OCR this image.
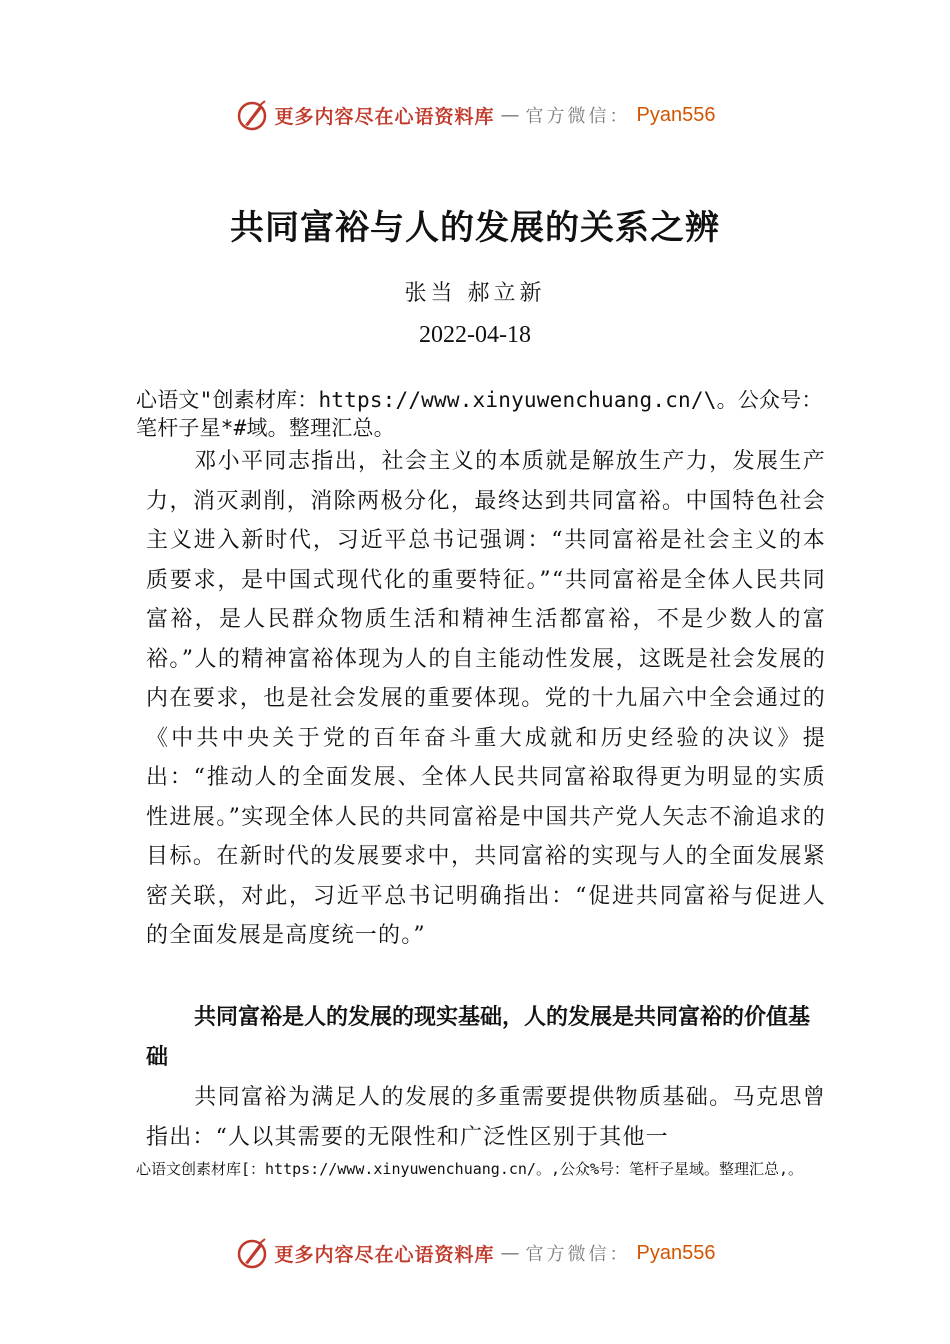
更多内容尽在心语资料库 — 官方微信： Pyan556
共同富裕与人的发展的关系之辨
张当 郝立新
2022-04-18
心语文"创素材库：https://www.xinyuwenchuang.cn/\。公众号：笔杆子星*#域。整理汇总。
邓小平同志指出，社会主义的本质就是解放生产力，发展生产力，消灭剥削，消除两极分化，最终达到共同富裕。中国特色社会主义进入新时代，习近平总书记强调：“共同富裕是社会主义的本质要求，是中国式现代化的重要特征。”“共同富裕是全体人民共同富裕，是人民群众物质生活和精神生活都富裕，不是少数人的富裕。”人的精神富裕体现为人的自主能动性发展，这既是社会发展的内在要求，也是社会发展的重要体现。党的十九届六中全会通过的《中共中央关于党的百年奋斗重大成就和历史经验的决议》提出：“推动人的全面发展、全体人民共同富裕取得更为明显的实质性进展。”实现全体人民的共同富裕是中国共产党人矢志不渝追求的目标。在新时代的发展要求中，共同富裕的实现与人的全面发展紧密关联，对此，习近平总书记明确指出：“促进共同富裕与促进人的全面发展是高度统一的。”
共同富裕是人的发展的现实基础，人的发展是共同富裕的价值基础
共同富裕为满足人的发展的多重需要提供物质基础。马克思曾指出：“人以其需要的无限性和广泛性区别于其他一
心语文创素材库[：https://www.xinyuwenchuang.cn/。,公众%号：笔杆子星域。整理汇总,。
更多内容尽在心语资料库 — 官方微信： Pyan556
